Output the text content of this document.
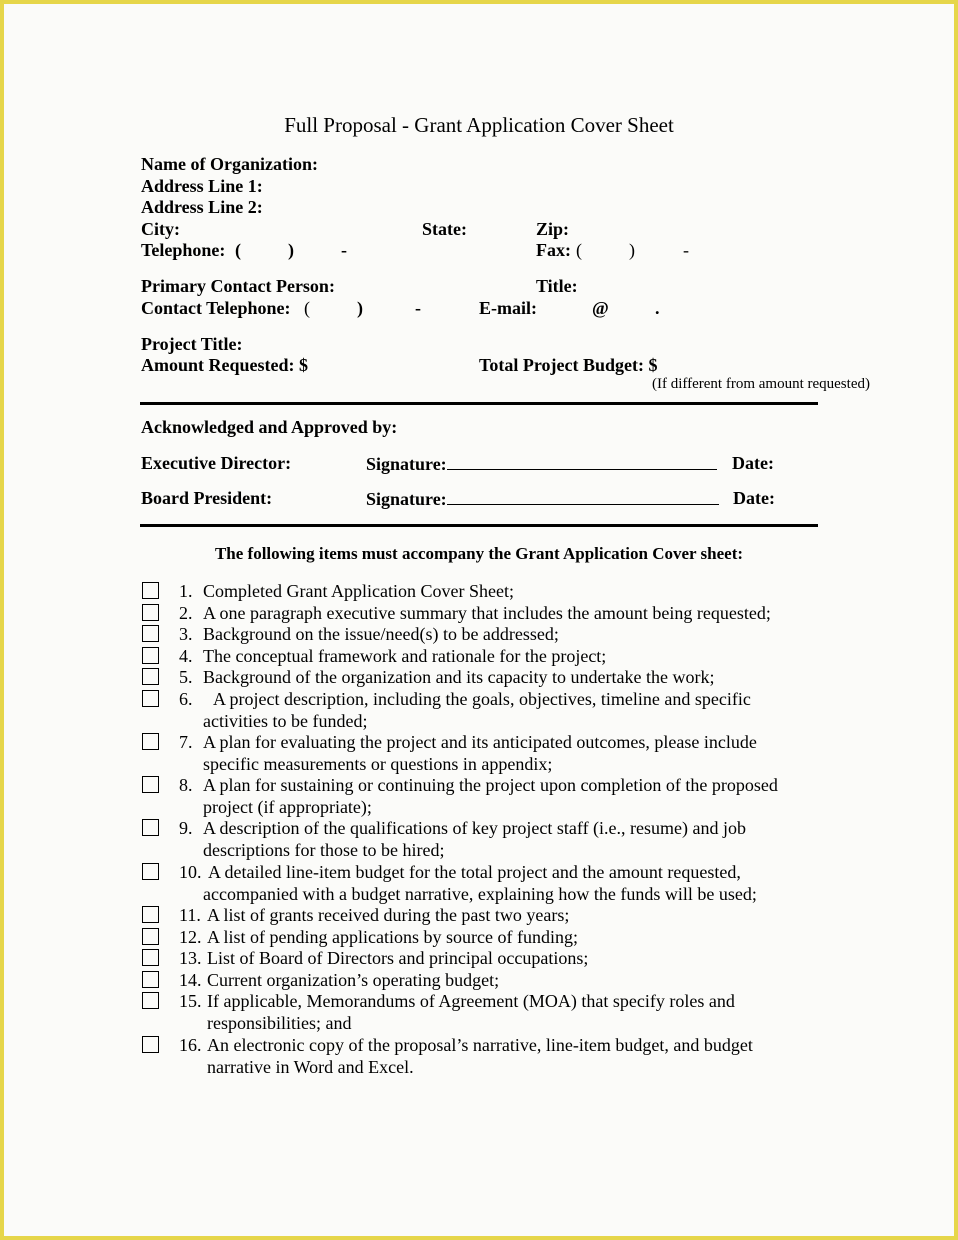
Full Proposal - Grant Application Cover Sheet
Name of Organization:
Address Line 1:
Address Line 2:
City:	State:	Zip:
Telephone: (	)	-	Fax: (	)	-
Primary Contact Person:	Title:
Contact Telephone: (	)	-	E-mail:	@	.
Project Title:
Amount Requested: $	Total Project Budget: $
(If different from amount requested)
Acknowledged and Approved by:
Executive Director:	Signature:	Date:
Board President:	Signature:	Date:
The following items must accompany the Grant Application Cover sheet:
1. Completed Grant Application Cover Sheet;
2. A one paragraph executive summary that includes the amount being requested;
3. Background on the issue/need(s) to be addressed;
4. The conceptual framework and rationale for the project;
5. Background of the organization and its capacity to undertake the work;
6. A project description, including the goals, objectives, timeline and specific
activities to be funded;
7. A plan for evaluating the project and its anticipated outcomes, please include
specific measurements or questions in appendix;
8. A plan for sustaining or continuing the project upon completion of the proposed
project (if appropriate);
9. A description of the qualifications of key project staff (i.e., resume) and job
descriptions for those to be hired;
10. A detailed line-item budget for the total project and the amount requested,
accompanied with a budget narrative, explaining how the funds will be used;
11. A list of grants received during the past two years;
12. A list of pending applications by source of funding;
13. List of Board of Directors and principal occupations;
14. Current organization’s operating budget;
15. If applicable, Memorandums of Agreement (MOA) that specify roles and
responsibilities; and
16. An electronic copy of the proposal’s narrative, line-item budget, and budget
narrative in Word and Excel.
